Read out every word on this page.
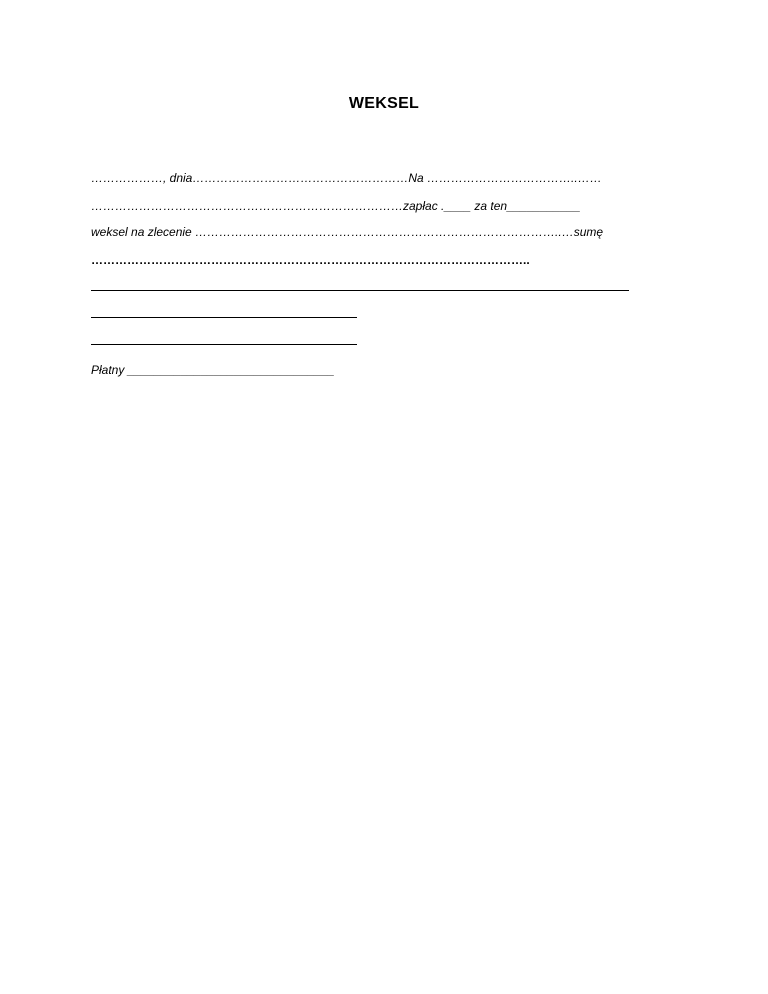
WEKSEL
………………, dnia………………………………………………Na ………………………………..……
……………………………………………………………………zapłac .____ za ten___________
weksel na zlecenie ………………………………………………………………………………..…sumę
………………………………………………………………………………………………..
Płatny _______________________________
